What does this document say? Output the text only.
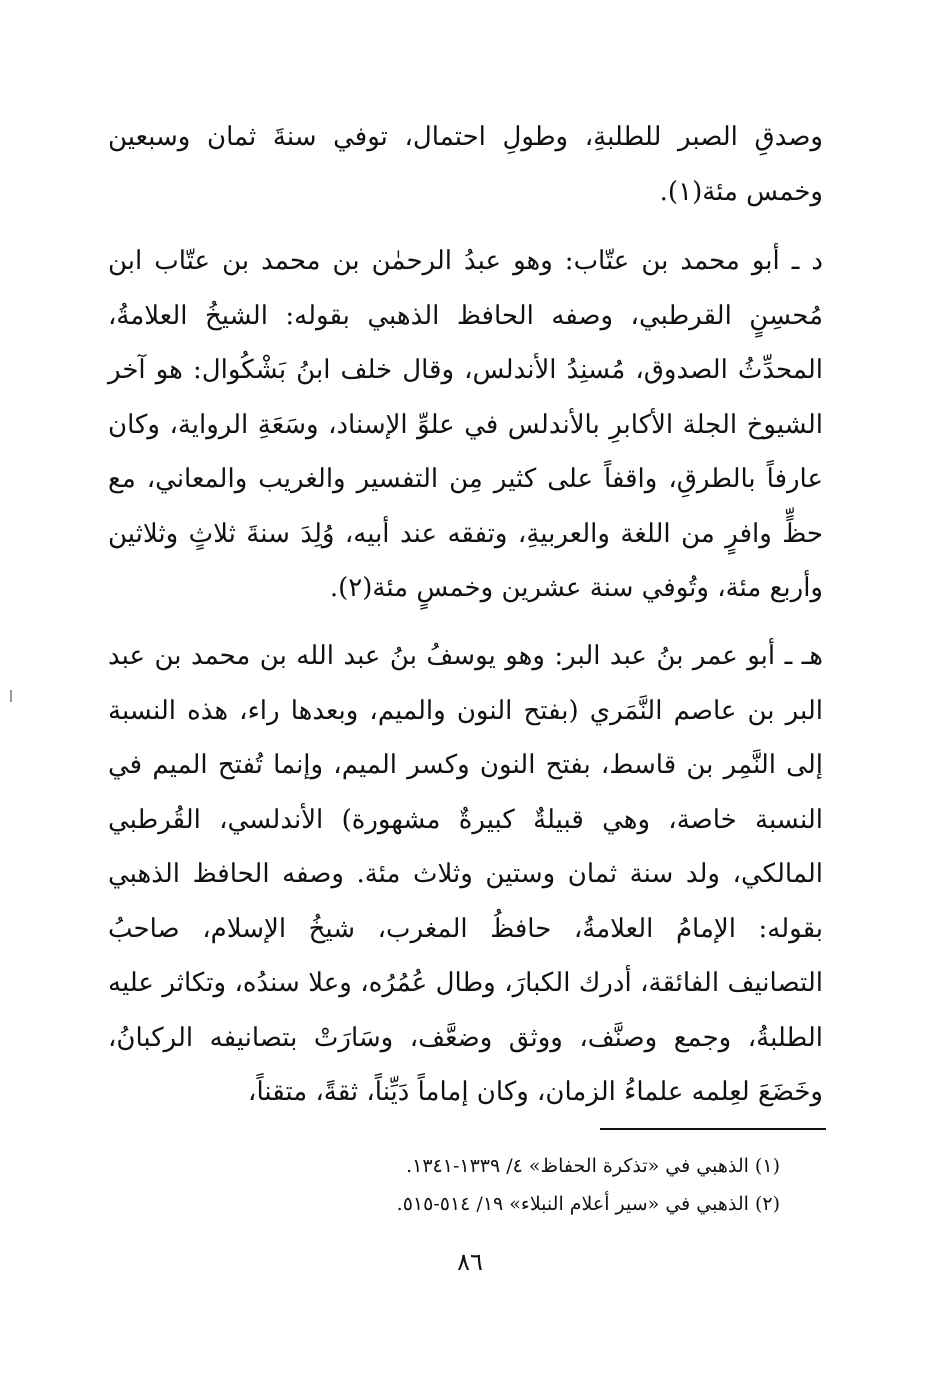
وصدقِ الصبر للطلبةِ، وطولِ احتمال، توفي سنةَ ثمان وسبعين وخمس مئة(١).

د ـ أبو محمد بن عتّاب: وهو عبدُ الرحمٰن بن محمد بن عتّاب ابن مُحسِنٍ القرطبي، وصفه الحافظ الذهبي بقوله: الشيخُ العلامةُ، المحدِّثُ الصدوق، مُسنِدُ الأندلس، وقال خلف ابنُ بَشْكُوال: هو آخر الشيوخ الجلة الأكابرِ بالأندلس في علوِّ الإسناد، وسَعَةِ الرواية، وكان عارفاً بالطرقِ، واقفاً على كثير مِن التفسير والغريب والمعاني، مع حظٍّ وافرٍ من اللغة والعربيةِ، وتفقه عند أبيه، وُلِدَ سنةَ ثلاثٍ وثلاثين وأربع مئة، وتُوفي سنة عشرين وخمسٍ مئة(٢).

هـ ـ أبو عمر بنُ عبد البر: وهو يوسفُ بنُ عبد الله بن محمد بن عبد البر بن عاصم النَّمَري (بفتح النون والميم، وبعدها راء، هذه النسبة إلى النَّمِر بن قاسط، بفتح النون وكسر الميم، وإنما تُفتح الميم في النسبة خاصة، وهي قبيلةٌ كبيرةٌ مشهورة) الأندلسي، القُرطبي المالكي، ولد سنة ثمان وستين وثلاث مئة. وصفه الحافظ الذهبي بقوله: الإمامُ العلامةُ، حافظُ المغرب، شيخُ الإسلام، صاحبُ التصانيف الفائقة، أدرك الكبارَ، وطال عُمُرُه، وعلا سندُه، وتكاثر عليه الطلبةُ، وجمع وصنَّف، ووثق وضعَّف، وسَارَتْ بتصانيفه الركبانُ، وخَضَعَ لعِلمه علماءُ الزمان، وكان إماماً دَيِّناً، ثقةً، متقناً،

(١) الذهبي في «تذكرة الحفاظ» ٤/ ١٣٣٩-١٣٤١.

(٢) الذهبي في «سير أعلام النبلاء» ١٩/ ٥١٤-٥١٥.

٨٦
